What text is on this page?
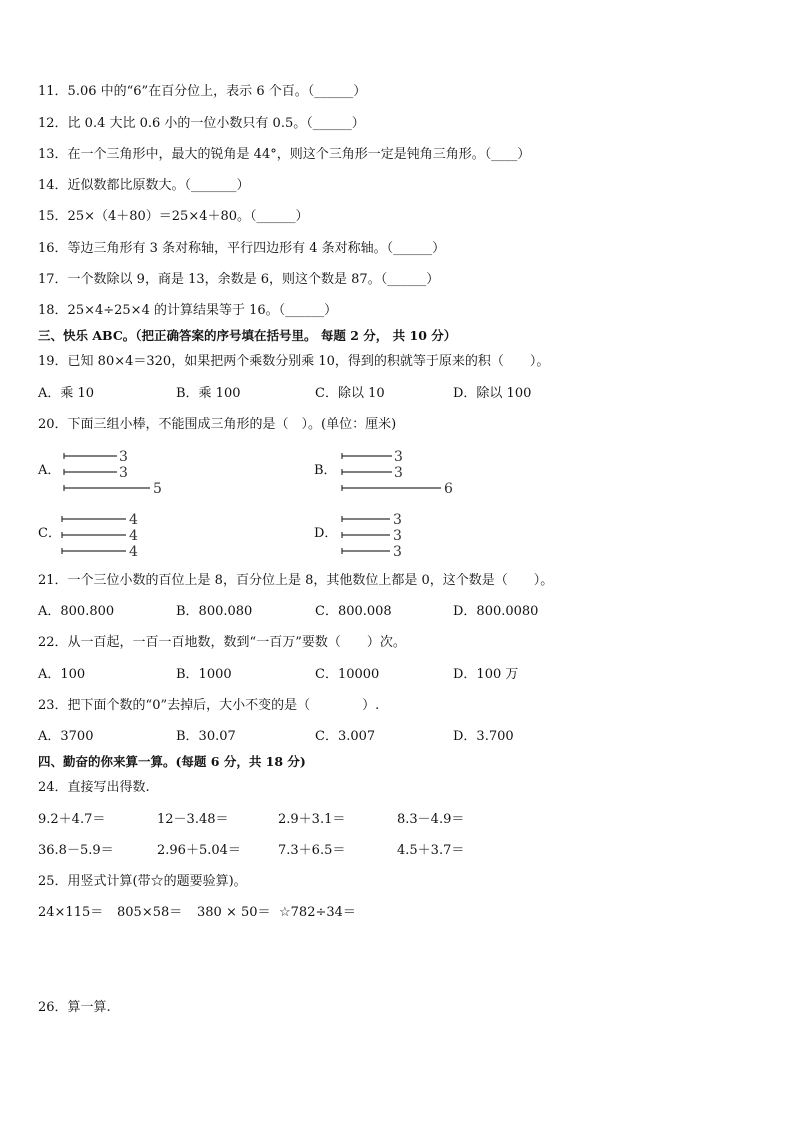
11．5.06 中的“6”在百分位上，表示 6 个百。（______）
12．比 0.4 大比 0.6 小的一位小数只有 0.5。（______）
13．在一个三角形中，最大的锐角是 44°，则这个三角形一定是钝角三角形。（____）
14．近似数都比原数大。（_______）
15．25×（4＋80）＝25×4＋80。（______）
16．等边三角形有 3 条对称轴，平行四边形有 4 条对称轴。（______）
17．一个数除以 9，商是 13，余数是 6，则这个数是 87。（______）
18．25×4÷25×4 的计算结果等于 16。（______）
三、快乐 ABC。（把正确答案的序号填在括号里。 每题 2 分， 共 10 分）
19．已知 80×4＝320，如果把两个乘数分别乘 10，得到的积就等于原来的积（　　）。
A．乘 10	B．乘 100	C．除以 10	D．除以 100
20．下面三组小棒，不能围成三角形的是（　）。(单位：厘米)
A．
3
3
5
B．
3
3
6
C．
4
4
4
D．
3
3
3
21．一个三位小数的百位上是 8，百分位上是 8，其他数位上都是 0，这个数是（　　）。
A．800.800	B．800.080	C．800.008	D．800.0080
22．从一百起，一百一百地数，数到“一百万”要数（　　）次。
A．100	B．1000	C．10000	D．100 万
23．把下面个数的“0”去掉后，大小不变的是（　　　　）.
A．3700	B．30.07	C．3.007	D．3.700
四、勤奋的你来算一算。(每题 6 分，共 18 分)
24．直接写出得数.
9.2＋4.7＝	12－3.48＝	2.9＋3.1＝	8.3－4.9＝
36.8－5.9＝	2.96＋5.04＝	7.3＋6.5＝	4.5＋3.7＝
25．用竖式计算(带☆的题要验算)。
24×115＝ 805×58＝ 380 × 50＝ ☆782÷34＝
26．算一算.
